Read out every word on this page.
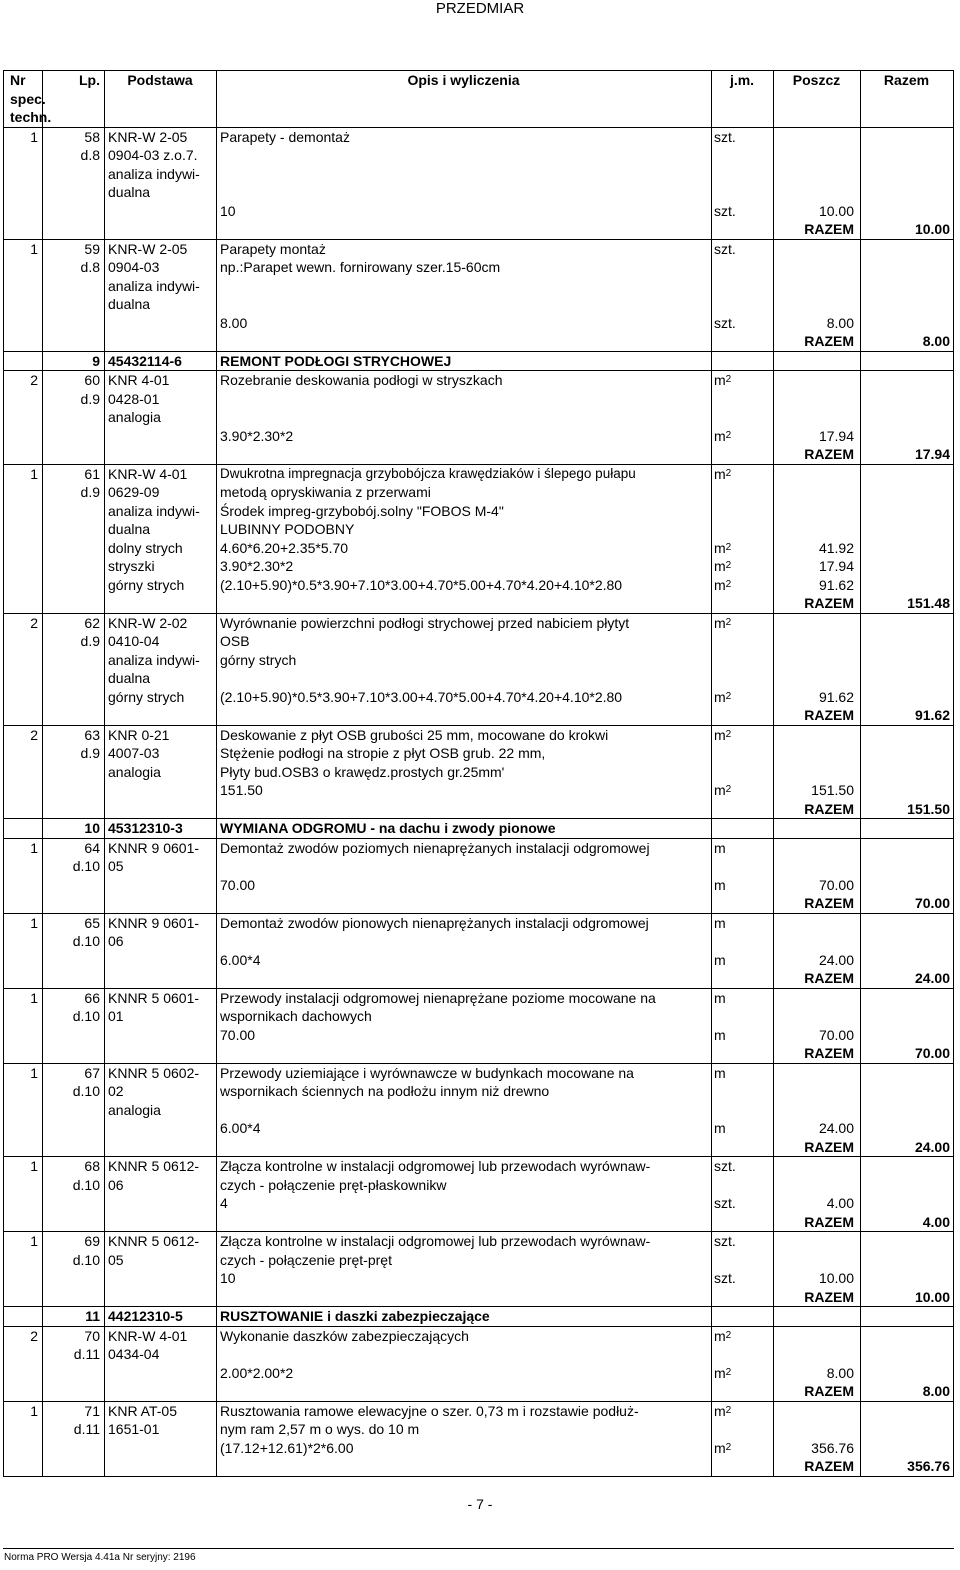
PRZEDMIAR
Nr	Lp.	Podstawa	Opis i wyliczenia	j.m.	Poszcz	Razem
spec.
techn.
1	58 KNR-W 2-05	Parapety - demontaż	szt.
d.8 0904-03 z.o.7.
analiza indywi-
dualna
10	szt.	10.00
RAZEM	10.00
1	59 KNR-W 2-05	Parapety montaż	szt.
d.8 0904-03	np.:Parapet wewn. fornirowany szer.15-60cm
analiza indywi-
dualna
8.00	szt.	8.00
RAZEM	8.00
9 45432114-6	REMONT PODŁOGI STRYCHOWEJ
2	60 KNR 4-01	Rozebranie deskowania podłogi w stryszkach	$m^2$
d.9 0428-01
analogia
3.90*2.30*2	$m^2$	17.94
RAZEM	17.94
1	61 KNR-W 4-01	Dwukrotna impregnacja grzybobójcza krawędziaków i ślepego pułapu	$m^2$
d.9 0629-09	metodą opryskiwania z przerwami
analiza indywi-	Środek impreg-grzybobój.solny "FOBOS M-4"
dualna	LUBINNY PODOBNY
dolny strych	4.60*6.20+2.35*5.70	$m^2$	41.92
stryszki	3.90*2.30*2	$m^2$	17.94
górny strych	(2.10+5.90)*0.5*3.90+7.10*3.00+4.70*5.00+4.70*4.20+4.10*2.80	$m^2$	91.62
RAZEM	151.48
2	62 KNR-W 2-02	Wyrównanie powierzchni podłogi strychowej przed nabiciem płytyt	$m^2$
d.9 0410-04	OSB
analiza indywi-	górny strych
dualna
górny strych	(2.10+5.90)*0.5*3.90+7.10*3.00+4.70*5.00+4.70*4.20+4.10*2.80	$m^2$	91.62
RAZEM	91.62
2	63 KNR 0-21	Deskowanie z płyt OSB grubości 25 mm, mocowane do krokwi	$m^2$
d.9 4007-03	Stężenie podłogi na stropie z płyt OSB grub. 22 mm,
analogia	Płyty bud.OSB3 o krawędz.prostych gr.25mm'
151.50	$m^2$	151.50
RAZEM	151.50
10 45312310-3	WYMIANA ODGROMU - na dachu i zwody pionowe
1	64 KNNR 9 0601-	Demontaż zwodów poziomych nienaprężanych instalacji odgromowej	m
d.10 05
70.00	m	70.00
RAZEM	70.00
1	65 KNNR 9 0601-	Demontaż zwodów pionowych nienaprężanych instalacji odgromowej	m
d.10 06
6.00*4	m	24.00
RAZEM	24.00
1	66 KNNR 5 0601-	Przewody instalacji odgromowej nienaprężane poziome mocowane na	m
d.10 01	wspornikach dachowych
70.00	m	70.00
RAZEM	70.00
1	67 KNNR 5 0602-	Przewody uziemiające i wyrównawcze w budynkach mocowane na	m
d.10 02	wspornikach ściennych na podłożu innym niż drewno
analogia
6.00*4	m	24.00
RAZEM	24.00
1	68 KNNR 5 0612-	Złącza kontrolne w instalacji odgromowej lub przewodach wyrównaw-	szt.
d.10 06	czych - połączenie pręt-płaskownikw
4	szt.	4.00
RAZEM	4.00
1	69 KNNR 5 0612-	Złącza kontrolne w instalacji odgromowej lub przewodach wyrównaw-	szt.
d.10 05	czych - połączenie pręt-pręt
10	szt.	10.00
RAZEM	10.00
11 44212310-5	RUSZTOWANIE i daszki zabezpieczające
2	70 KNR-W 4-01	Wykonanie daszków zabezpieczających	$m^2$
d.11 0434-04
2.00*2.00*2	$m^2$	8.00
RAZEM	8.00
1	71 KNR AT-05	Rusztowania ramowe elewacyjne o szer. 0,73 m i rozstawie podłuż-	$m^2$
d.11 1651-01	nym ram 2,57 m o wys. do 10 m
(17.12+12.61)*2*6.00	$m^2$	356.76
RAZEM	356.76
- 7 -
Norma PRO Wersja 4.41a Nr seryjny: 2196
